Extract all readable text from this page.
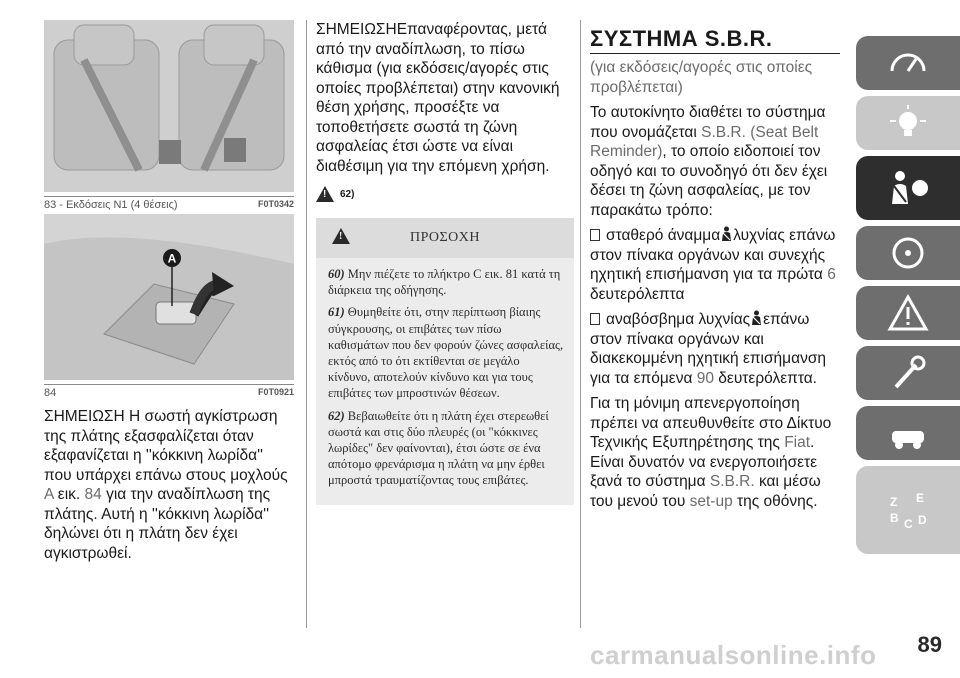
83 - Εκδόσεις N1 (4 θέσεις)	F0T0342
A
84	F0T0921
ΣΗΜΕΙΩΣΗ Η σωστή αγκίστρωση της πλάτης εξασφαλίζεται όταν εξαφανίζεται η ''κόκκινη λωρίδα'' που υπάρχει επάνω στους μοχλούς A εικ. 84 για την αναδίπλωση της πλάτης. Αυτή η ''κόκκινη λωρίδα'' δηλώνει ότι η πλάτη δεν έχει αγκιστρωθεί.
ΣΗΜΕΙΩΣΗΕπαναφέροντας, μετά από την αναδίπλωση, το πίσω κάθισμα (για εκδόσεις/αγορές στις οποίες προβλέπεται) στην κανονική θέση χρήσης, προσέξτε να τοποθετήσετε σωστά τη ζώνη ασφαλείας έτσι ώστε να είναι διαθέσιμη για την επόμενη χρήση.
!
62)
!
ΠΡΟΣΟΧΗ

60) Μην πιέζετε το πλήκτρο C εικ. 81 κατά τη διάρκεια της οδήγησης.

61) Θυμηθείτε ότι, στην περίπτωση βίαιης σύγκρουσης, οι επιβάτες των πίσω καθισμάτων που δεν φορούν ζώνες ασφαλείας, εκτός από το ότι εκτίθενται σε μεγάλο κίνδυνο, αποτελούν κίνδυνο και για τους επιβάτες των μπροστινών θέσεων.

62) Βεβαιωθείτε ότι η πλάτη έχει στερεωθεί σωστά και στις δύο πλευρές (οι "κόκκινες λωρίδες" δεν φαίνονται), έτσι ώστε σε ένα απότομο φρενάρισμα η πλάτη να μην έρθει μπροστά τραυματίζοντας τους επιβάτες.

ΣΥΣΤΗΜΑ S.B.R.
(για εκδόσεις/αγορές στις οποίες προβλέπεται)
Το αυτοκίνητο διαθέτει το σύστημα που ονομάζεται S.B.R. (Seat Belt Reminder), το οποίο ειδοποιεί τον οδηγό και το συνοδηγό ότι δεν έχει δέσει τη ζώνη ασφαλείας, με τον παρακάτω τρόπο:
σταθερό άναμμα λυχνίας επάνω στον πίνακα οργάνων και συνεχής ηχητική επισήμανση για τα πρώτα 6 δευτερόλεπτα
αναβόσβημα λυχνίας επάνω στον πίνακα οργάνων και διακεκομμένη ηχητική επισήμανση για τα επόμενα 90 δευτερόλεπτα.
Για τη μόνιμη απενεργοποίηση πρέπει να απευθυνθείτε στο Δίκτυο Τεχνικής Εξυπηρέτησης της Fiat.
Είναι δυνατόν να ενεργοποιήσετε ξανά το σύστημα S.B.R. και μέσω του μενού του set-up της οθόνης.	Z E
B C D
89
carmanualsonline.info
